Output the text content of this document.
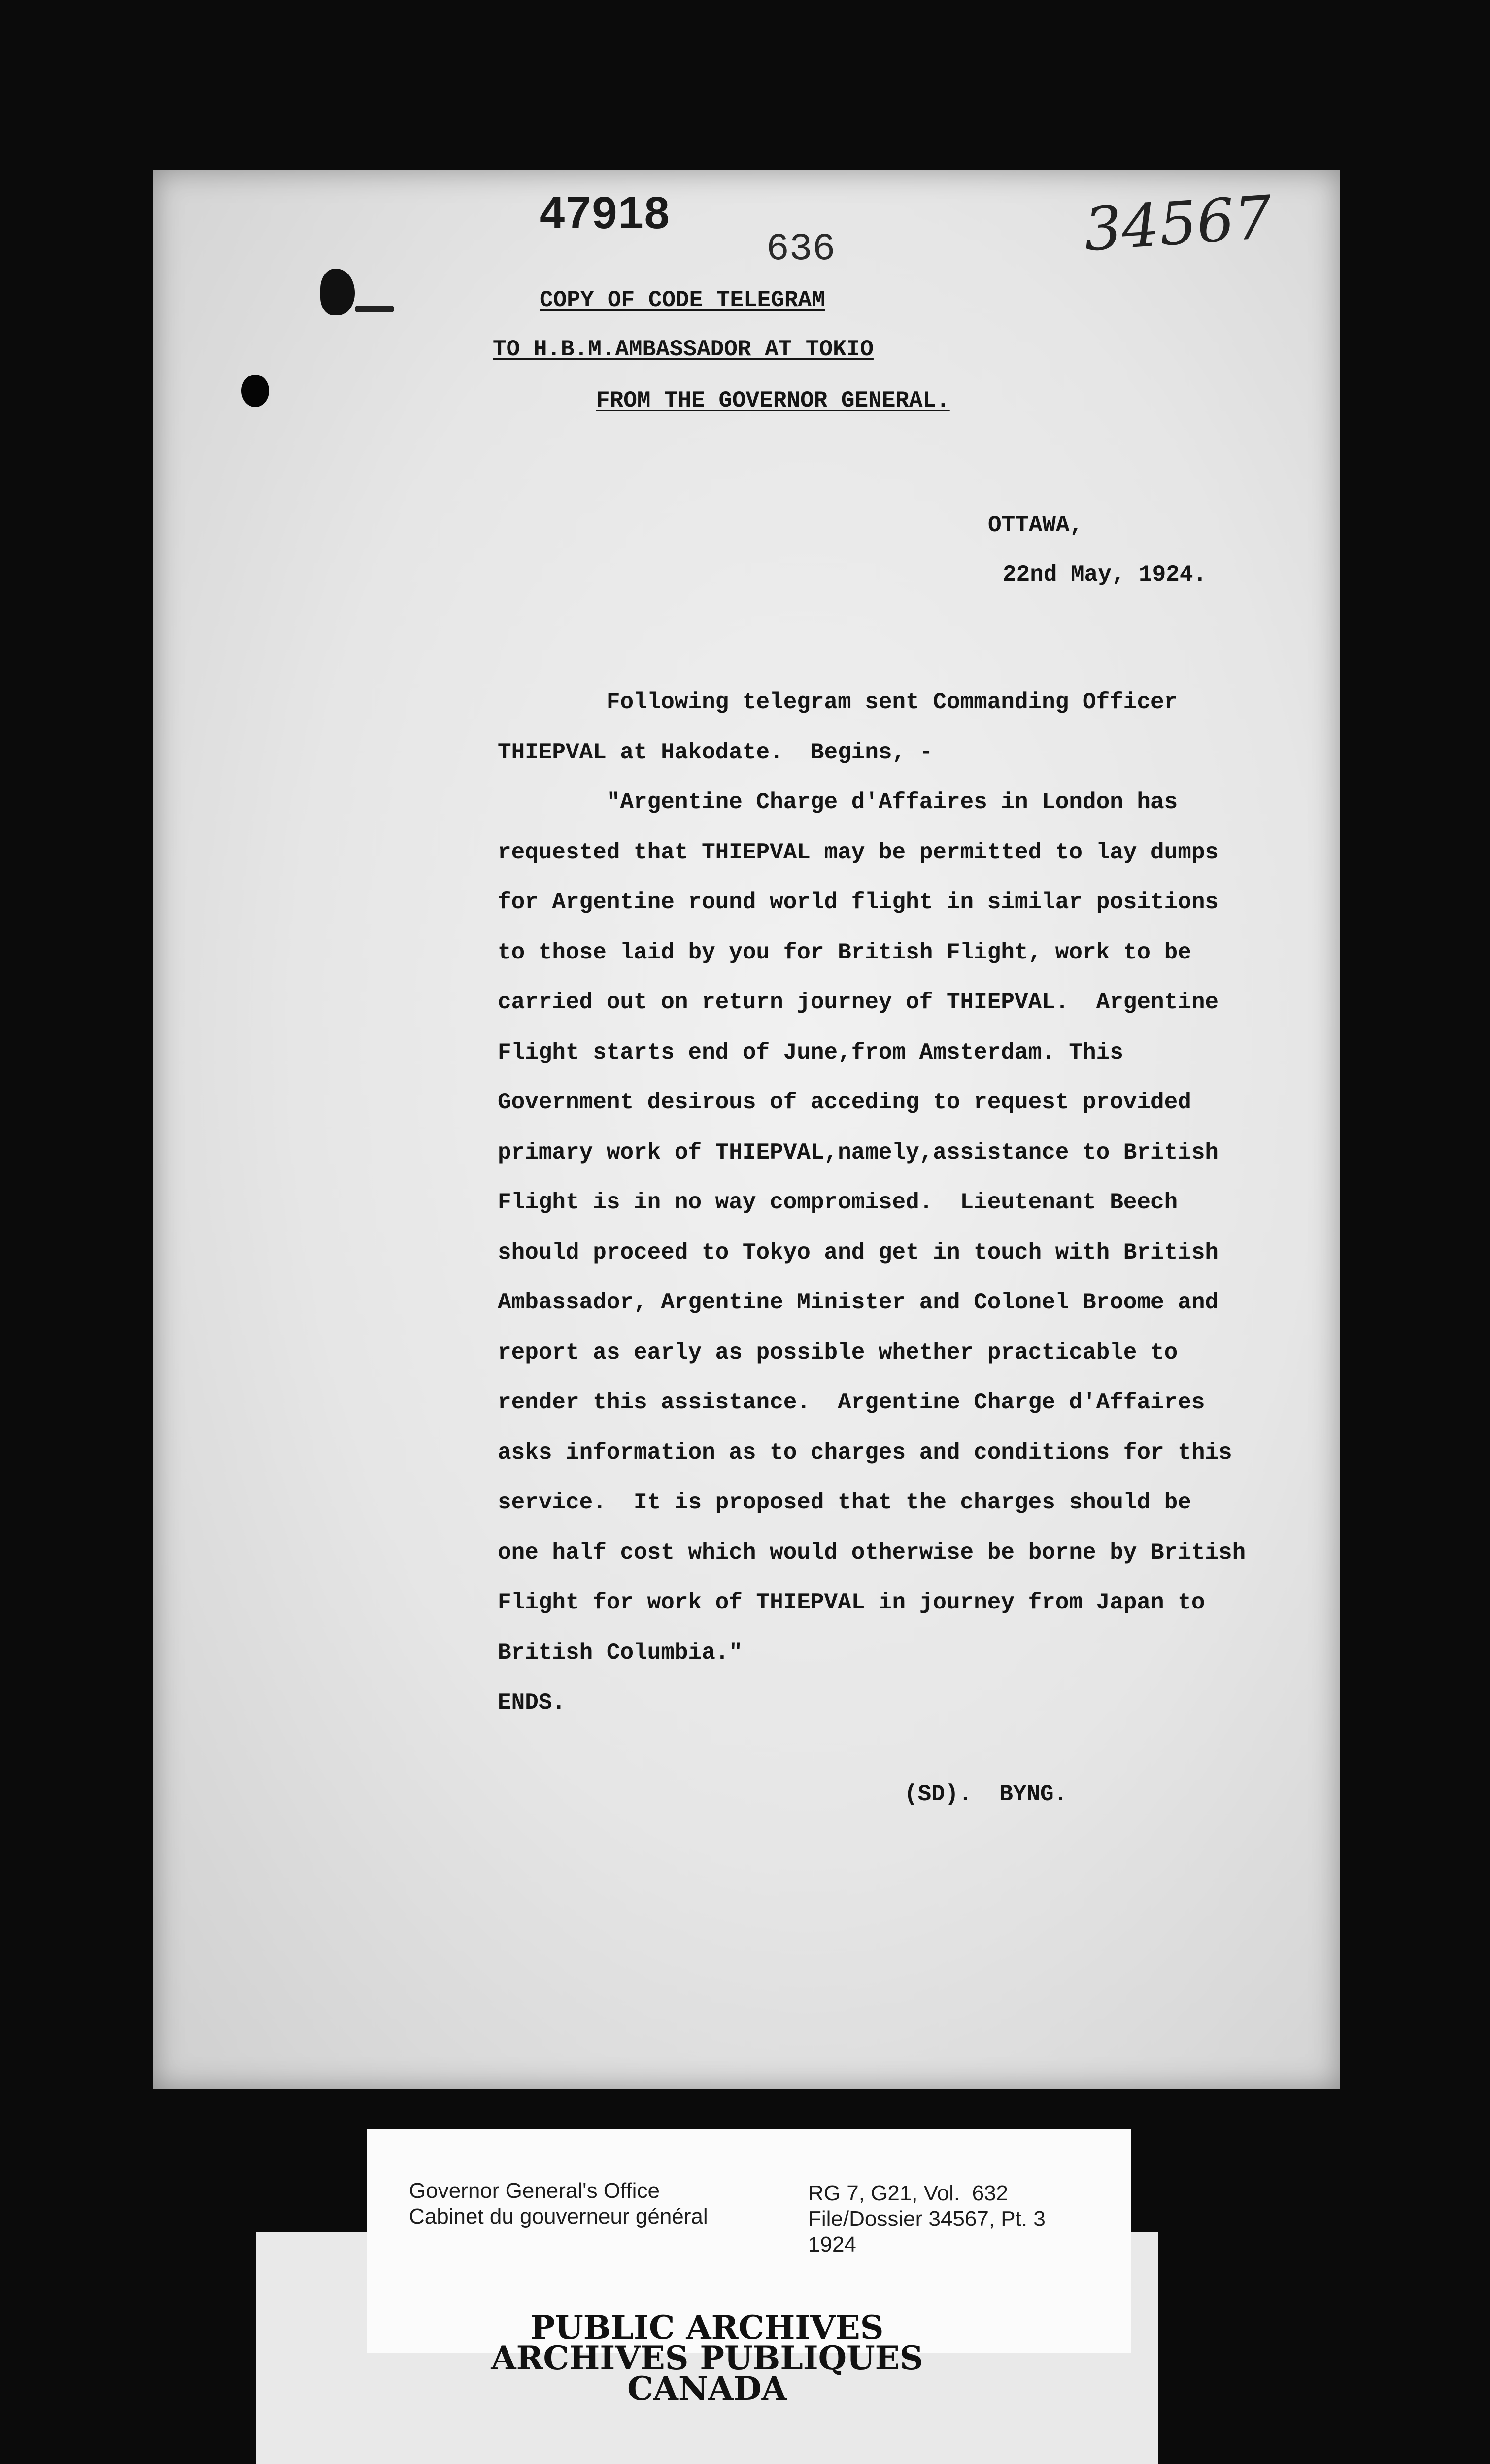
47918
636	34567

COPY OF CODE TELEGRAM

TO H.B.M.AMBASSADOR AT TOKIO

FROM THE GOVERNOR GENERAL.

OTTAWA,

22nd May, 1924.

Following telegram sent Commanding Officer
THIEPVAL at Hakodate.  Begins, -
"Argentine Charge d'Affaires in London has
requested that THIEPVAL may be permitted to lay dumps
for Argentine round world flight in similar positions
to those laid by you for British Flight, work to be
carried out on return journey of THIEPVAL.  Argentine
Flight starts end of June,from Amsterdam. This
Government desirous of acceding to request provided
primary work of THIEPVAL,namely,assistance to British
Flight is in no way compromised.  Lieutenant Beech
should proceed to Tokyo and get in touch with British
Ambassador, Argentine Minister and Colonel Broome and
report as early as possible whether practicable to
render this assistance.  Argentine Charge d'Affaires
asks information as to charges and conditions for this
service.  It is proposed that the charges should be
one half cost which would otherwise be borne by British
Flight for work of THIEPVAL in journey from Japan to
British Columbia."
ENDS.

(SD).  BYNG.

Governor General's Office
Cabinet du gouverneur général
RG 7, G21, Vol.  632
File/Dossier 34567, Pt. 3
1924
PUBLIC ARCHIVES
ARCHIVES PUBLIQUES
CANADA
